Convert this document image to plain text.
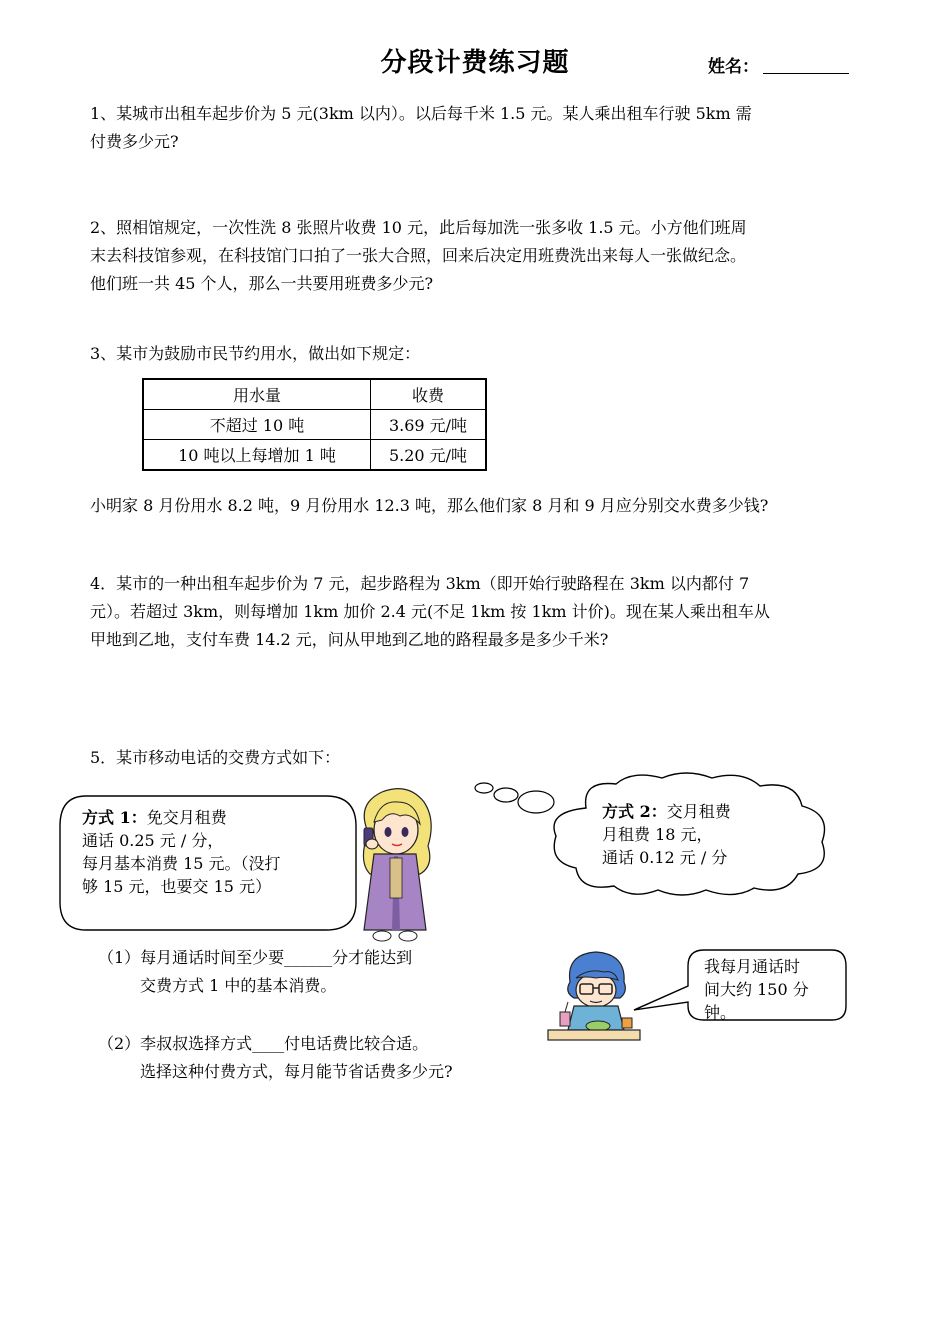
分段计费练习题	姓名：
1、某城市出租车起步价为 5 元(3km 以内）。以后每千米 1.5 元。某人乘出租车行驶 5km 需
付费多少元?
2、照相馆规定，一次性洗 8 张照片收费 10 元，此后每加洗一张多收 1.5 元。小方他们班周
末去科技馆参观，在科技馆门口拍了一张大合照，回来后决定用班费洗出来每人一张做纪念。
他们班一共 45 个人，那么一共要用班费多少元?
3、某市为鼓励市民节约用水，做出如下规定：
用水量	收费
不超过 10 吨	3.69 元/吨
10 吨以上每增加 1 吨	5.20 元/吨
小明家 8 月份用水 8.2 吨，9 月份用水 12.3 吨，那么他们家 8 月和 9 月应分别交水费多少钱?
4．某市的一种出租车起步价为 7 元，起步路程为 3km（即开始行驶路程在 3km 以内都付 7
元）。若超过 3km，则每增加 1km 加价 2.4 元(不足 1km 按 1km 计价)。现在某人乘出租车从
甲地到乙地，支付车费 14.2 元，问从甲地到乙地的路程最多是多少千米?
5．某市移动电话的交费方式如下：
方式 1：免交月租费
通话 0.25 元 / 分，
每月基本消费 15 元。（没打
够 15 元，也要交 15 元）
方式 2：交月租费
月租费 18 元，
通话 0.12 元 / 分
（1）每月通话时间至少要______分才能达到
交费方式 1 中的基本消费。
（2）李叔叔选择方式____付电话费比较合适。
选择这种付费方式，每月能节省话费多少元?
我每月通话时
间大约 150 分
钟。
